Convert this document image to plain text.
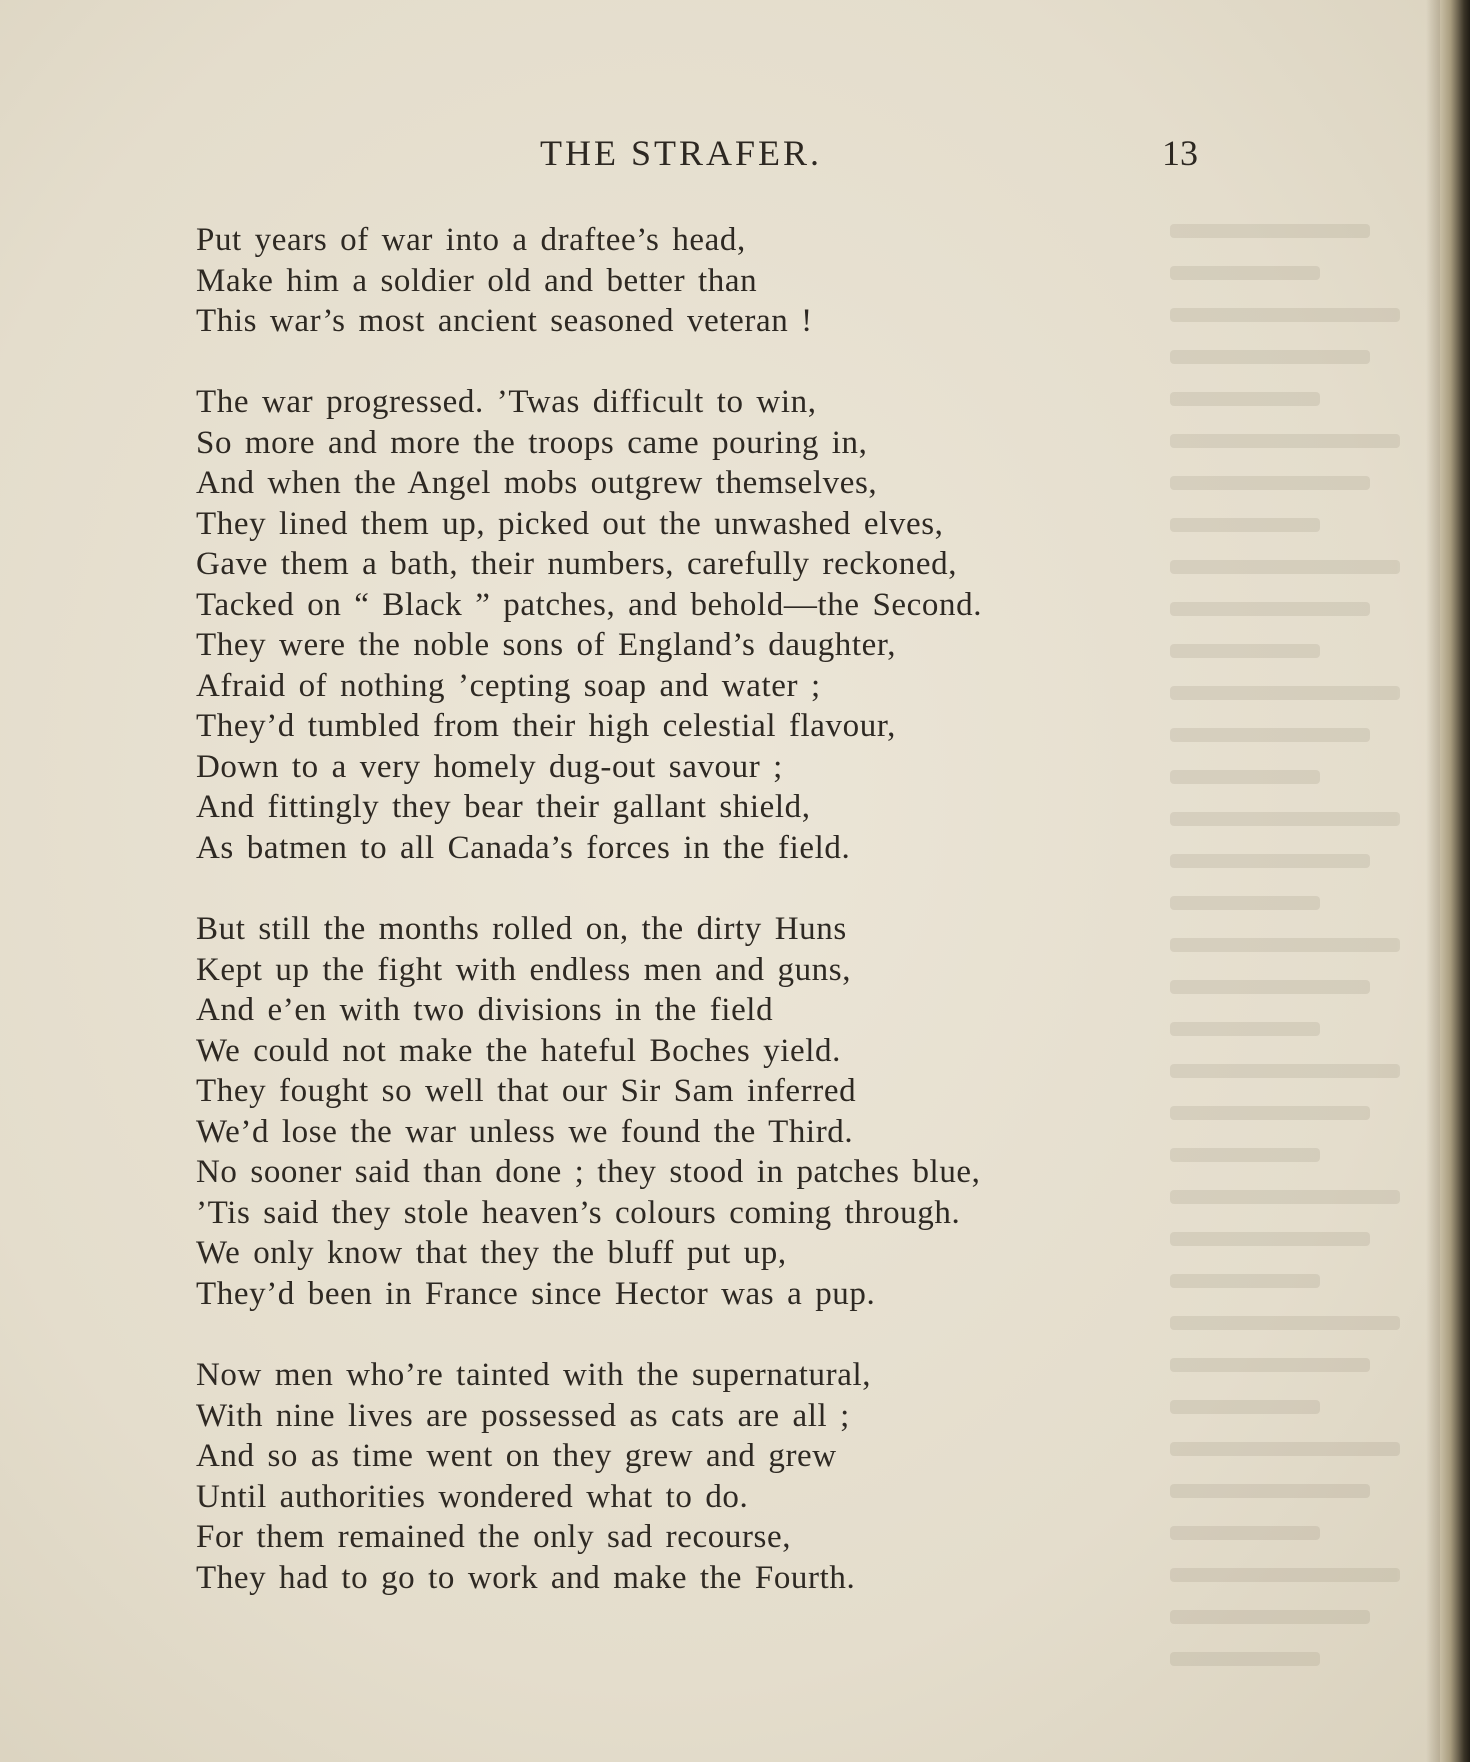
THE STRAFER.	13
Put years of war into a draftee’s head,
Make him a soldier old and better than
This war’s most ancient seasoned veteran !
The war progressed. ’Twas difficult to win,
So more and more the troops came pouring in,
And when the Angel mobs outgrew themselves,
They lined them up, picked out the unwashed elves,
Gave them a bath, their numbers, carefully reckoned,
Tacked on “ Black ” patches, and behold—the Second.
They were the noble sons of England’s daughter,
Afraid of nothing ’cepting soap and water ;
They’d tumbled from their high celestial flavour,
Down to a very homely dug-out savour ;
And fittingly they bear their gallant shield,
As batmen to all Canada’s forces in the field.
But still the months rolled on, the dirty Huns
Kept up the fight with endless men and guns,
And e’en with two divisions in the field
We could not make the hateful Boches yield.
They fought so well that our Sir Sam inferred
We’d lose the war unless we found the Third.
No sooner said than done ; they stood in patches blue,
’Tis said they stole heaven’s colours coming through.
We only know that they the bluff put up,
They’d been in France since Hector was a pup.
Now men who’re tainted with the supernatural,
With nine lives are possessed as cats are all ;
And so as time went on they grew and grew
Until authorities wondered what to do.
For them remained the only sad recourse,
They had to go to work and make the Fourth.
